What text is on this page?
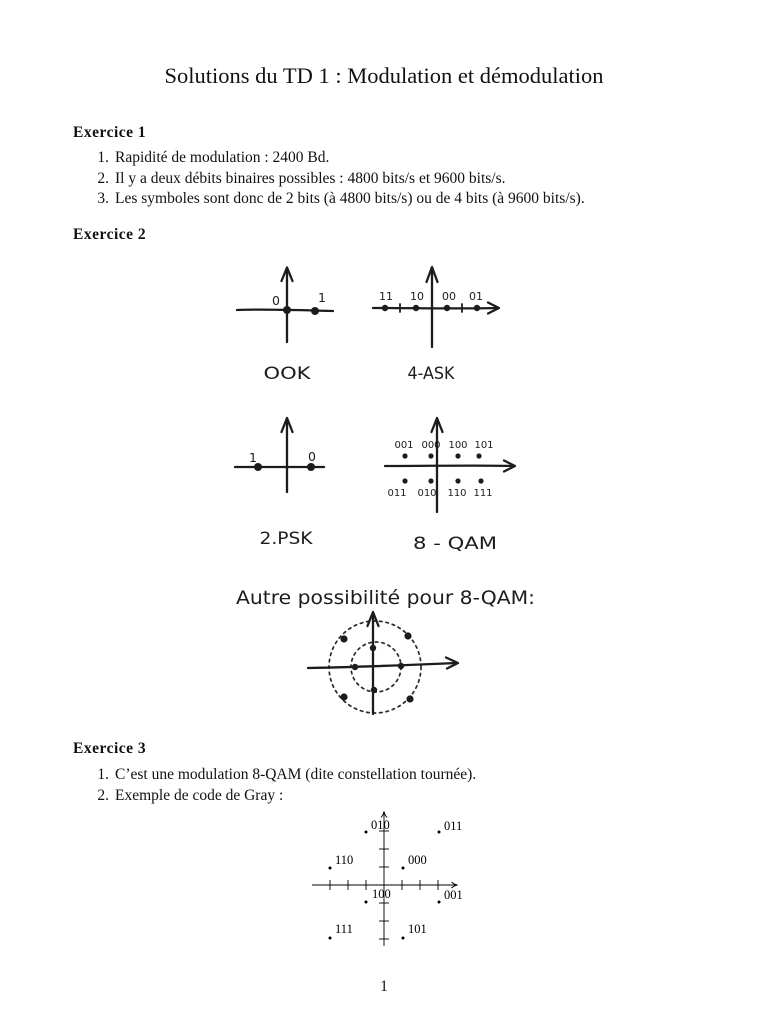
Solutions du TD 1 : Modulation et démodulation
Exercice 1
1. Rapidité de modulation : 2400 Bd.
2. Il y a deux débits binaires possibles : 4800 bits/s et 9600 bits/s.
3. Les symboles sont donc de 2 bits (à 4800 bits/s) ou de 4 bits (à 9600 bits/s).
Exercice 2
0	1
OOK
11 10 00 01
4-ASK
1	0
2.PSK
001 000 100 101
011 010 110 111
8 - QAM
Autre possibilité pour 8-QAM:
Exercice 3
1. C’est une modulation 8-QAM (dite constellation tournée).
2. Exemple de code de Gray :
010	011
110	000
100	001
111	101
1
